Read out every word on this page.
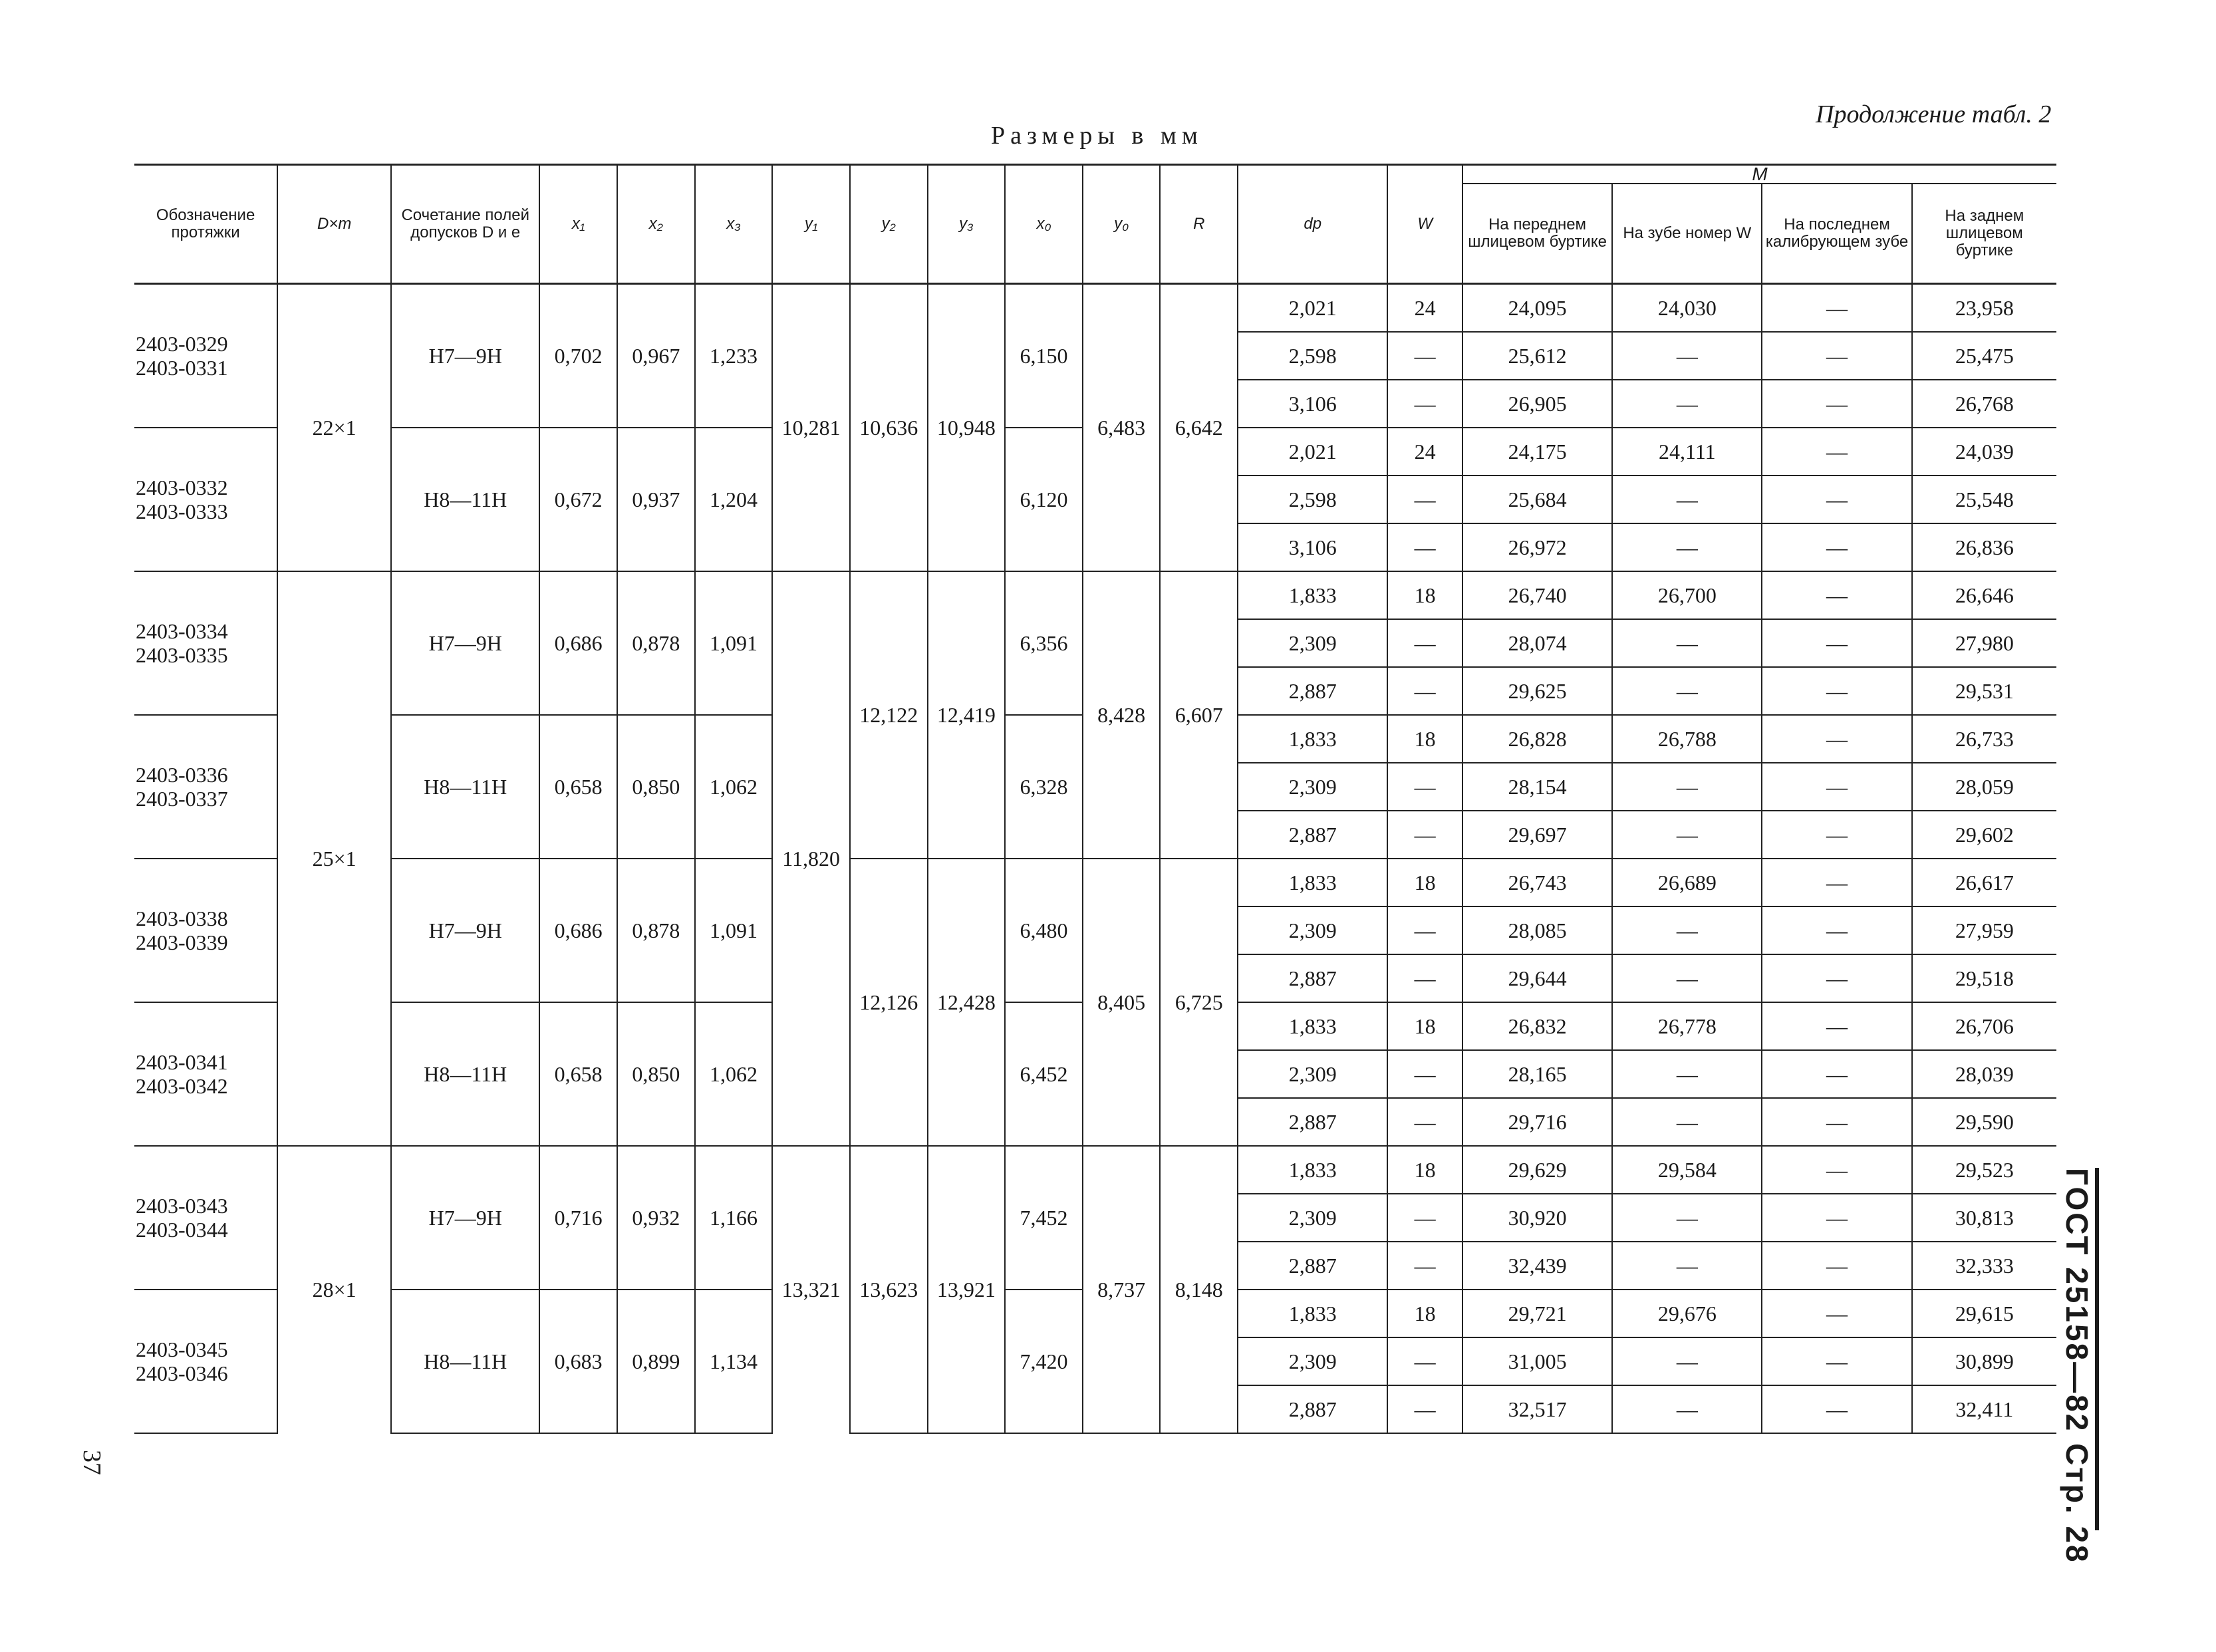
Продолжение табл. 2
Размеры в мм
ГОСТ 25158—82 Стр. 28
37
Обозначение протяжки	D×m	Сочетание полей допусков D и e	x₁	x₂	x₃	y₁	y₂	y₃	x₀	y₀	R	dp	W	M			
														На переднем шлицевом буртике	На зубе номер W	На последнем калибрующем зубе	На заднем шлицевом буртике
2403-0329
2403-0331	22×1	H7—9H	0,702	0,967	1,233	10,281	10,636	10,948	6,150	6,483	6,642	2,021	24	24,095	24,030	—	23,958
												2,598	—	25,612	—	—	25,475
												3,106	—	26,905	—	—	26,768
2403-0332
2403-0333		H8—11H	0,672	0,937	1,204				6,120			2,021	24	24,175	24,111	—	24,039
												2,598	—	25,684	—	—	25,548
												3,106	—	26,972	—	—	26,836
2403-0334
2403-0335	25×1	H7—9H	0,686	0,878	1,091	11,820	12,122	12,419	6,356	8,428	6,607	1,833	18	26,740	26,700	—	26,646
												2,309	—	28,074	—	—	27,980
												2,887	—	29,625	—	—	29,531
2403-0336
2403-0337		H8—11H	0,658	0,850	1,062				6,328			1,833	18	26,828	26,788	—	26,733
												2,309	—	28,154	—	—	28,059
												2,887	—	29,697	—	—	29,602
2403-0338
2403-0339		H7—9H	0,686	0,878	1,091		12,126	12,428	6,480	8,405	6,725	1,833	18	26,743	26,689	—	26,617
												2,309	—	28,085	—	—	27,959
												2,887	—	29,644	—	—	29,518
2403-0341
2403-0342		H8—11H	0,658	0,850	1,062				6,452			1,833	18	26,832	26,778	—	26,706
												2,309	—	28,165	—	—	28,039
												2,887	—	29,716	—	—	29,590
2403-0343
2403-0344	28×1	H7—9H	0,716	0,932	1,166	13,321	13,623	13,921	7,452	8,737	8,148	1,833	18	29,629	29,584	—	29,523
												2,309	—	30,920	—	—	30,813
												2,887	—	32,439	—	—	32,333
2403-0345
2403-0346		H8—11H	0,683	0,899	1,134				7,420			1,833	18	29,721	29,676	—	29,615
												2,309	—	31,005	—	—	30,899
												2,887	—	32,517	—	—	32,411
